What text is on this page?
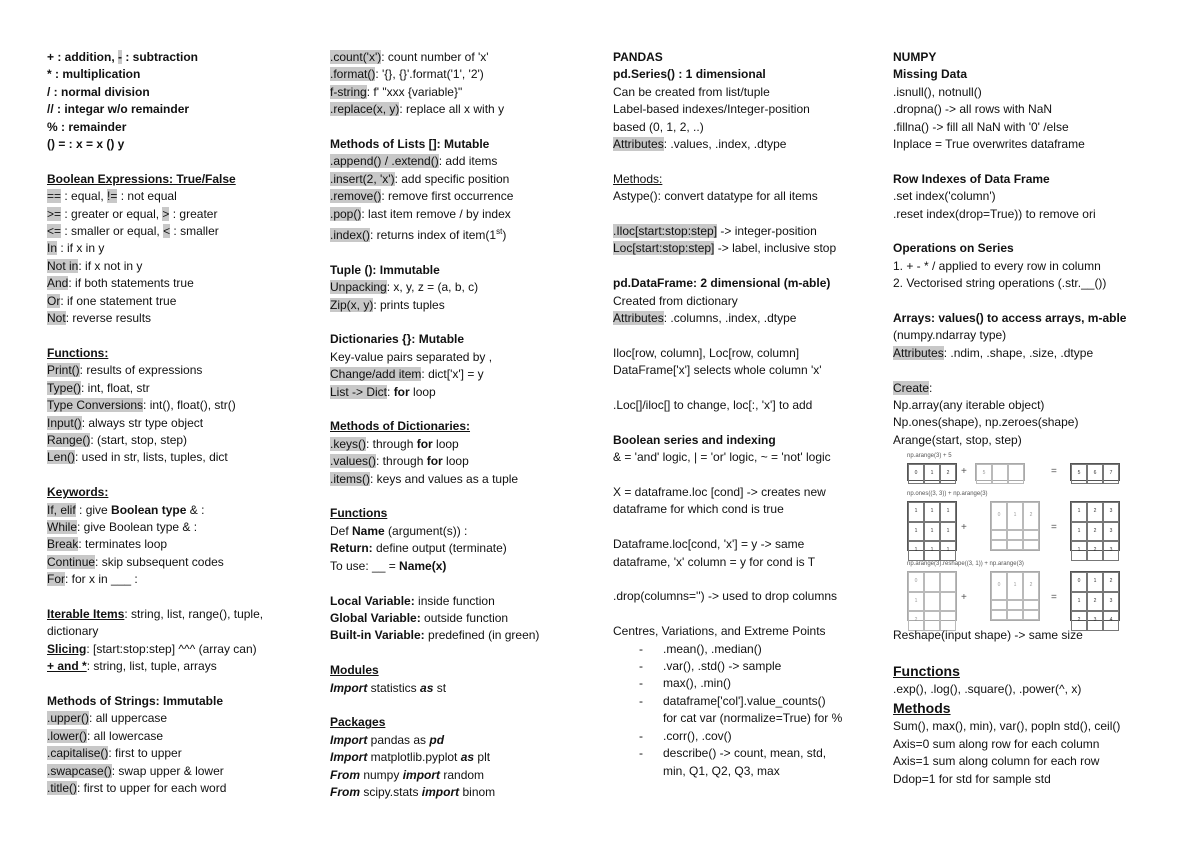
+ : addition, - : subtraction
* : multiplication
/ : normal division
// : integar w/o remainder
% : remainder
() = : x = x () y
Boolean Expressions: True/False
== : equal, != : not equal
>= : greater or equal, > : greater
<= : smaller or equal, < : smaller
In : if x in y
Not in: if x not in y
And: if both statements true
Or: if one statement true
Not: reverse results
Functions:
Print(): results of expressions
Type(): int, float, str
Type Conversions: int(), float(), str()
Input(): always str type object
Range(): (start, stop, step)
Len(): used in str, lists, tuples, dict
Keywords:
If, elif : give Boolean type & :
While: give Boolean type & :
Break: terminates loop
Continue: skip subsequent codes
For: for x in ___ :
Iterable Items: string, list, range(), tuple,
dictionary
Slicing: [start:stop:step] ^^^ (array can)
+ and *: string, list, tuple, arrays
Methods of Strings: Immutable
.upper(): all uppercase
.lower(): all lowercase
.capitalise(): first to upper
.swapcase(): swap upper & lower
.title(): first to upper for each word
.count('x'): count number of 'x'
.format(): '{}, {}'.format('1', '2')
f-string: f' "xxx {variable}"
.replace(x, y): replace all x with y
Methods of Lists []: Mutable
.append() / .extend(): add items
.insert(2, 'x'): add specific position
.remove(): remove first occurrence
.pop(): last item remove / by index
.index(): returns index of item(1st)
Tuple (): Immutable
Unpacking: x, y, z = (a, b, c)
Zip(x, y): prints tuples
Dictionaries {}: Mutable
Key-value pairs separated by ,
Change/add item: dict['x'] = y
List -> Dict: for loop
Methods of Dictionaries:
.keys(): through for loop
.values(): through for loop
.items(): keys and values as a tuple
Functions
Def Name (argument(s)) :
Return: define output (terminate)
To use: __ = Name(x)
Local Variable: inside function
Global Variable: outside function
Built-in Variable: predefined (in green)
Modules
Import statistics as st
Packages
Import pandas as pd
Import matplotlib.pyplot as plt
From numpy import random
From scipy.stats import binom
PANDAS
pd.Series() : 1 dimensional
Can be created from list/tuple
Label-based indexes/Integer-position
based (0, 1, 2, ..)
Attributes: .values, .index, .dtype
Methods:
Astype(): convert datatype for all items
.Iloc[start:stop:step] -> integer-position
Loc[start:stop:step] -> label, inclusive stop
pd.DataFrame: 2 dimensional (m-able)
Created from dictionary
Attributes: .columns, .index, .dtype
Iloc[row, column], Loc[row, column]
DataFrame['x'] selects whole column 'x'
.Loc[]/iloc[] to change, loc[:, 'x'] to add
Boolean series and indexing
& = 'and' logic, | = 'or' logic, ~ = 'not' logic
X = dataframe.loc [cond] -> creates new
dataframe for which cond is true
Dataframe.loc[cond, 'x'] = y -> same
dataframe, 'x' column = y for cond is T
.drop(columns='') -> used to drop columns
Centres, Variations, and Extreme Points
- .mean(), .median()
- .var(), .std() -> sample
- max(), .min()
- dataframe['col'].value_counts()
for cat var (normalize=True) for %
- .corr(), .cov()
- describe() -> count, mean, std,
min, Q1, Q2, Q3, max
NUMPY
Missing Data
.isnull(), notnull()
.dropna() -> all rows with NaN
.fillna() -> fill all NaN with '0' /else
Inplace = True overwrites dataframe
Row Indexes of Data Frame
.set index('column')
.reset index(drop=True)) to remove ori
Operations on Series
1. + - * / applied to every row in column
2. Vectorised string operations (.str.__())
Arrays: values() to access arrays, m-able
(numpy.ndarray type)
Attributes: .ndim, .shape, .size, .dtype
Create:
Np.array(any iterable object)
Np.ones(shape), np.zeroes(shape)
Arange(start, stop, step)
np.arange(3) + 5
0	1	2	+	5	=	5	6	7
np.ones((3, 3)) + np.arange(3)
1	1	1
1	1	1
1	1	1
+
0	1	2
=
1	2	3
1	2	3
1	2	3
np.arange(3).reshape((3, 1)) + np.arange(3)
0
1
2
+
0	1	2
=
0	1	2
1	2	3
2	3	4
Reshape(input shape) -> same size
Functions
.exp(), .log(), .square(), .power(^, x)
Methods
Sum(), max(), min), var(), popln std(), ceil()
Axis=0 sum along row for each column
Axis=1 sum along column for each row
Ddop=1 for std for sample std
